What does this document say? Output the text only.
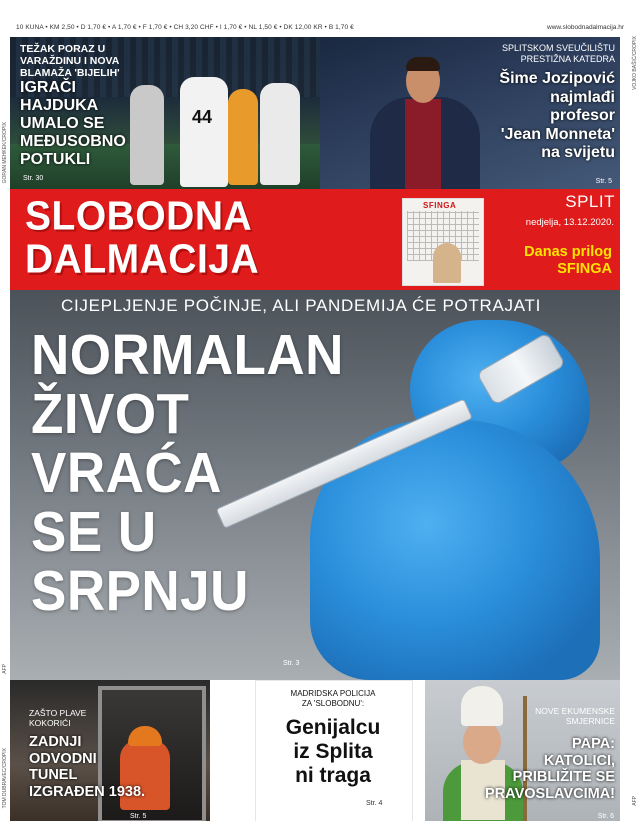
10 KUNA • KM 2,50 • D 1,70 € • A 1,70 € • F 1,70 € • CH 3,20 CHF • I 1,70 € • NL 1,50 € • DK 12,00 KR • B 1,70 €	www.slobodnadalmacija.hr
GORAN MEHKEK/CROPIX
TOM DUBRAVEC/CROPIX
VOJKO BAŠIĆ/CROPIX
AFP
AFP
44
TEŽAK PORAZ U
VARAŽDINU I NOVA
BLAMAŽA 'BIJELIH'
IGRAČI
HAJDUKA
UMALO SE
MEĐUSOBNO
POTUKLI
Str. 30
SPLITSKOM SVEUČILIŠTU
PRESTIŽNA KATEDRA
Šime Jozipović
najmlađi
profesor
'Jean Monneta'
na svijetu
Str. 5
SLOBODNA
DALMACIJA
SFINGA	SPLIT
nedjelja, 13.12.2020.
Danas prilog
SFINGA
CIJEPLJENJE POČINJE, ALI PANDEMIJA ĆE POTRAJATI
NORMALAN
ŽIVOT
VRAĆA
SE U
SRPNJU
Str. 3
ZAŠTO PLAVE
KOKORIĆI
ZADNJI
ODVODNI
TUNEL
IZGRAĐEN 1938.
Str. 5
MADRIDSKA POLICIJA
ZA 'SLOBODNU':
Genijalcu
iz Splita
ni traga
Str. 4
NOVE EKUMENSKE
SMJERNICE
PAPA:
KATOLICI,
PRIBLIŽITE SE
PRAVOSLAVCIMA!
Str. 6
